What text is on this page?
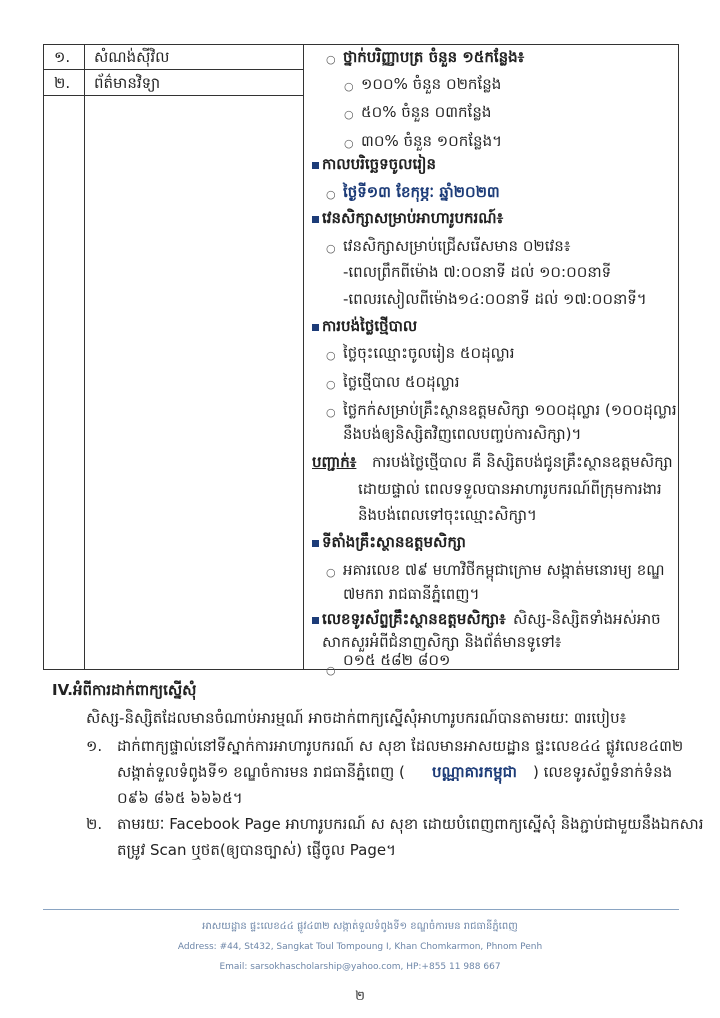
១. សំណង់ស៊ីវិល
២. ព័ត៌មានវិទ្យា
○ ថ្នាក់បរិញ្ញាបត្រ ចំនួន ១៥កន្លែង៖
○ ១០០% ចំនួន ០២កន្លែង
○ ៥០% ចំនួន ០៣កន្លែង
○ ៣០% ចំនួន ១០កន្លែង។
កាលបរិច្ឆេទចូលរៀន
○ ថ្ងៃទី១៣ ខែកុម្ភៈ ឆ្នាំ២០២៣
វេនសិក្សាសម្រាប់អាហារូបករណ៍៖
○ វេនសិក្សាសម្រាប់ជ្រើសរើសមាន ០២វេន៖
-ពេលព្រឹកពីម៉ោង ៧:០០នាទី ដល់ ១០:០០នាទី
-ពេលរសៀលពីម៉ោង១៤:០០នាទី ដល់ ១៧:០០នាទី។
ការបង់ថ្លៃថ្មើបាល
○ ថ្លៃចុះឈ្មោះចូលរៀន ៥០ដុល្លារ
○ ថ្លៃថ្មើបាល ៥០ដុល្លារ
○ ថ្លៃកក់សម្រាប់គ្រឹះស្ថានឧត្តមសិក្សា ១០០ដុល្លារ (១០០ដុល្លារ
នឹងបង់ឲ្យនិស្សិតវិញពេលបញ្ចប់ការសិក្សា)។
បញ្ជាក់៖ ការបង់ថ្លៃថ្មើបាល គឺ និស្សិតបង់ជូនគ្រឹះស្ថានឧត្តមសិក្សា
ដោយផ្ទាល់ ពេលទទួលបានអាហារូបករណ៍ពីក្រុមការងារ
និងបង់ពេលទៅចុះឈ្មោះសិក្សា។
ទីតាំងគ្រឹះស្ថានឧត្តមសិក្សា
○ អគារលេខ ៧៩ មហាវិថីកម្ពុជាក្រោម សង្កាត់មនោរម្យ ខណ្ឌ
៧មករា រាជធានីភ្នំពេញ។
លេខទូរស័ព្ទគ្រឹះស្ថានឧត្តមសិក្សា៖ សិស្ស-និស្សិតទាំងអស់អាច
សាកសួរអំពីជំនាញសិក្សា និងព័ត៌មានទូទៅ៖
○
០១៥ ៥៨២ ៨០១
IV.អំពីការដាក់ពាក្យស្នើសុំ
សិស្ស-និស្សិតដែលមានចំណាប់អារម្មណ៍ អាចដាក់ពាក្យស្នើសុំអាហារូបករណ៍បានតាមរយៈ ៣របៀប៖
១. ដាក់ពាក្យផ្ទាល់នៅទីស្នាក់ការអាហារូបករណ៍ ស សុខា ដែលមានអាសយដ្ឋាន ផ្ទះលេខ៤៤ ផ្លូវលេខ៤៣២
សង្កាត់ទួលទំពូងទី១ ខណ្ឌចំការមន រាជធានីភ្នំពេញ ( បណ្ណាគារកម្ពុជា ) លេខទូរស័ព្ទទំនាក់ទំនង
០៩៦ ៨៦៥ ៦៦៦៥។
២. តាមរយៈ Facebook Page អាហារូបករណ៍ ស សុខា ដោយបំពេញពាក្យស្នើសុំ និងភ្ជាប់ជាមួយនឹងឯកសារ
តម្រូវ Scan ឬថត(ឲ្យបានច្បាស់) ផ្ញើចូល Page។
អាសយដ្ឋាន ផ្ទះលេខ៤៤ ផ្លូវ៤៣២ សង្កាត់ទួលទំពូងទី១ ខណ្ឌចំការមន រាជធានីភ្នំពេញ
Address: #44, St432, Sangkat Toul Tompoung I, Khan Chomkarmon, Phnom Penh
Email: sarsokhascholarship@yahoo.com, HP:+855 11 988 667
២
